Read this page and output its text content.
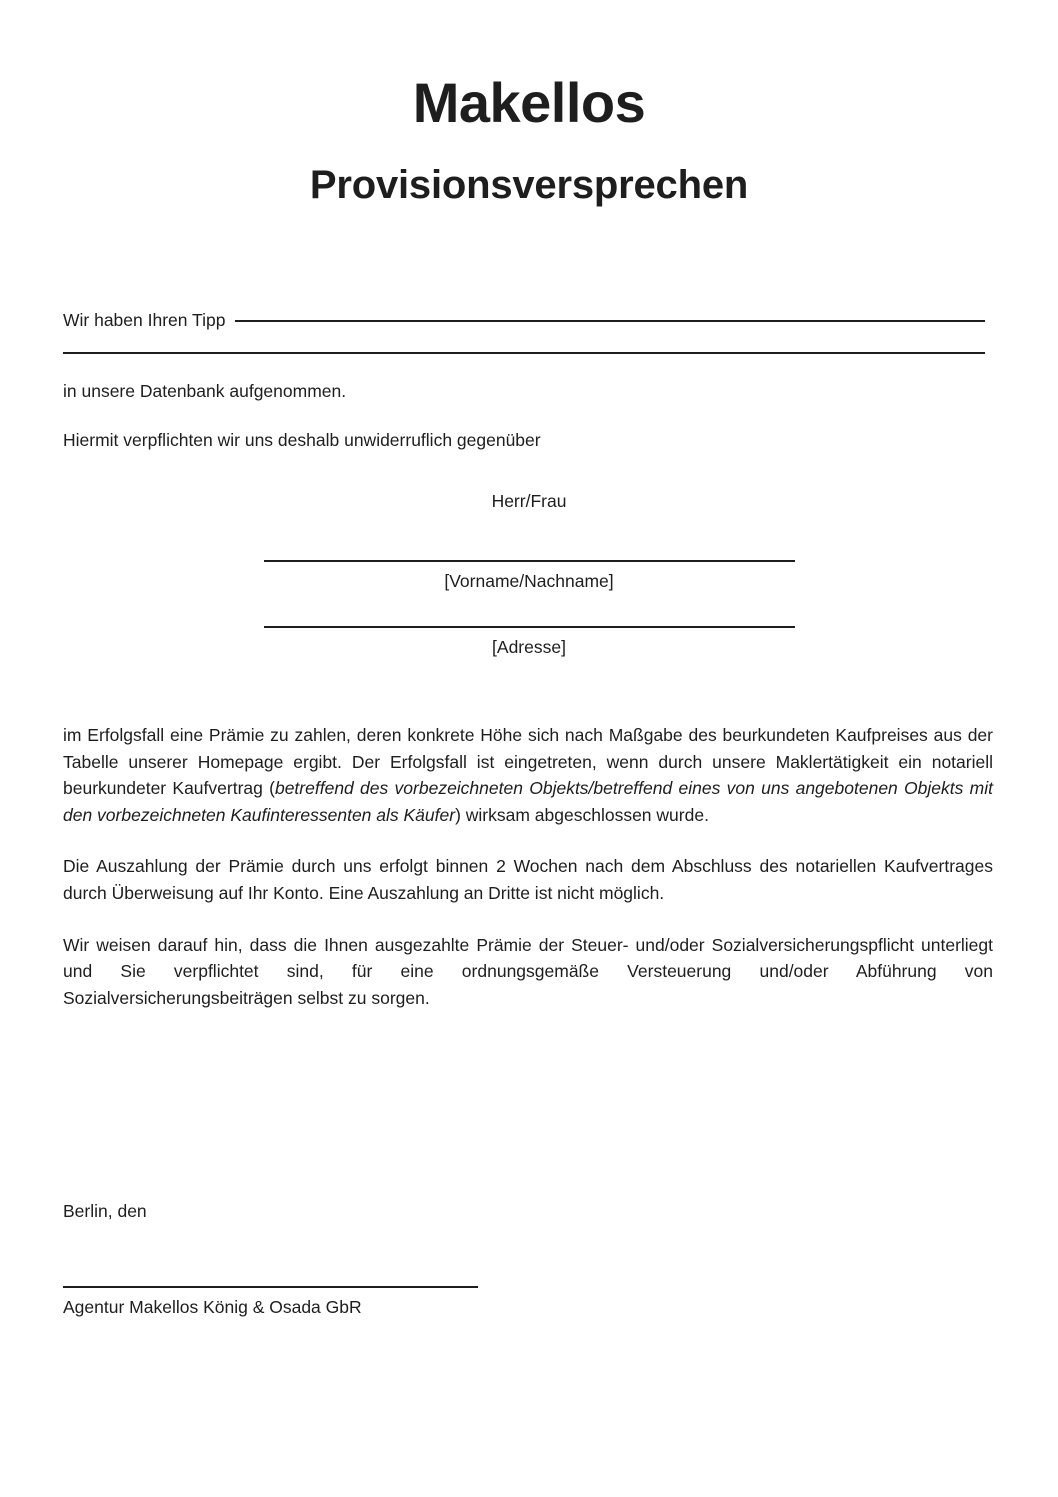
Makellos
Provisionsversprechen
Wir haben Ihren Tipp

in unsere Datenbank aufgenommen.

Hiermit verpflichten wir uns deshalb unwiderruflich gegenüber

Herr/Frau

[Vorname/Nachname]

[Adresse]

im Erfolgsfall eine Prämie zu zahlen, deren konkrete Höhe sich nach Maßgabe des beurkundeten Kaufpreises aus der Tabelle unserer Homepage ergibt. Der Erfolgsfall ist eingetreten, wenn durch unsere Maklertätigkeit ein notariell beurkundeter Kaufvertrag (betreffend des vorbezeichneten Objekts/betreffend eines von uns angebotenen Objekts mit den vorbezeichneten Kaufinteressenten als Käufer) wirksam abgeschlossen wurde.

Die Auszahlung der Prämie durch uns erfolgt binnen 2 Wochen nach dem Abschluss des notariellen Kaufvertrages durch Überweisung auf Ihr Konto. Eine Auszahlung an Dritte ist nicht möglich.

Wir weisen darauf hin, dass die Ihnen ausgezahlte Prämie der Steuer- und/oder Sozialversicherungspflicht unterliegt und Sie verpflichtet sind, für eine ordnungsgemäße Versteuerung und/oder Abführung von Sozialversicherungsbeiträgen selbst zu sorgen.

Berlin, den

Agentur Makellos König & Osada GbR
